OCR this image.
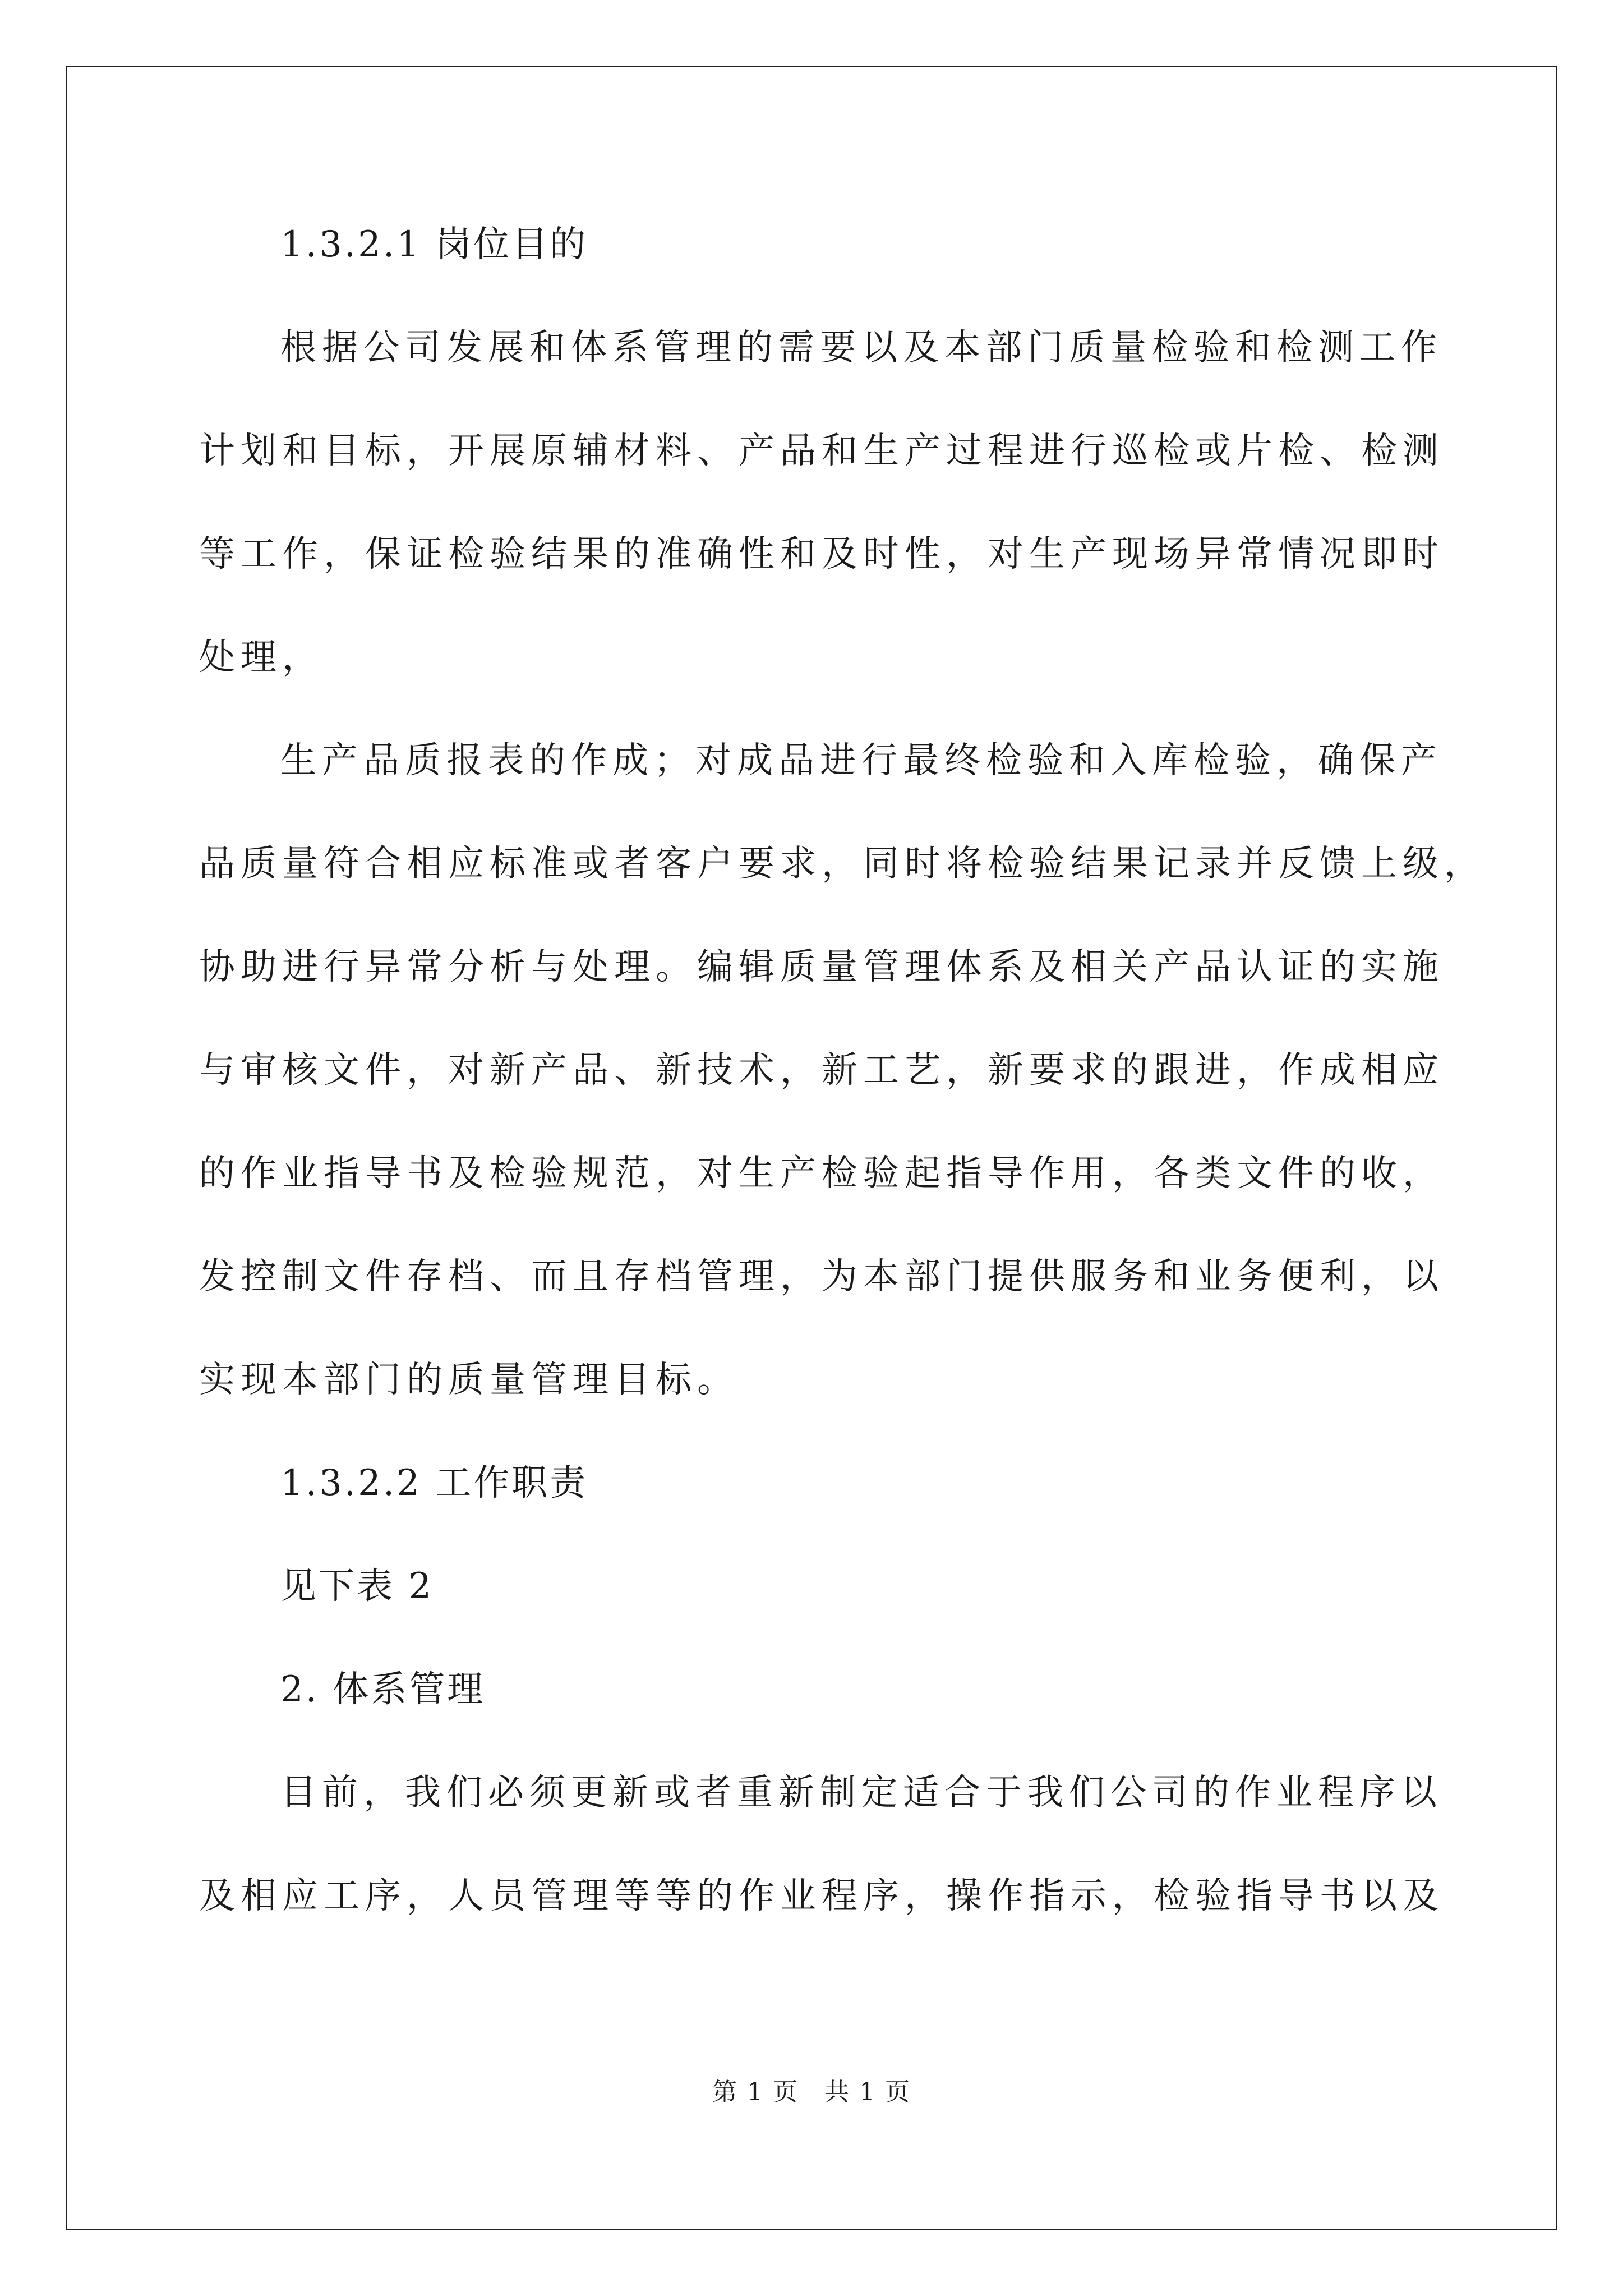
1.3.2.1 岗位目的
根据公司发展和体系管理的需要以及本部门质量检验和检测工作
计划和目标，开展原辅材料、产品和生产过程进行巡检或片检、检测
等工作，保证检验结果的准确性和及时性，对生产现场异常情况即时
处理，
生产品质报表的作成；对成品进行最终检验和入库检验，确保产
品质量符合相应标准或者客户要求，同时将检验结果记录并反馈上级，
协助进行异常分析与处理。编辑质量管理体系及相关产品认证的实施
与审核文件，对新产品、新技术，新工艺，新要求的跟进，作成相应
的作业指导书及检验规范，对生产检验起指导作用，各类文件的收，
发控制文件存档、而且存档管理，为本部门提供服务和业务便利，以
实现本部门的质量管理目标。
1.3.2.2 工作职责
见下表 2
2. 体系管理
目前，我们必须更新或者重新制定适合于我们公司的作业程序以
及相应工序，人员管理等等的作业程序，操作指示，检验指导书以及
第 1 页　共 1 页
